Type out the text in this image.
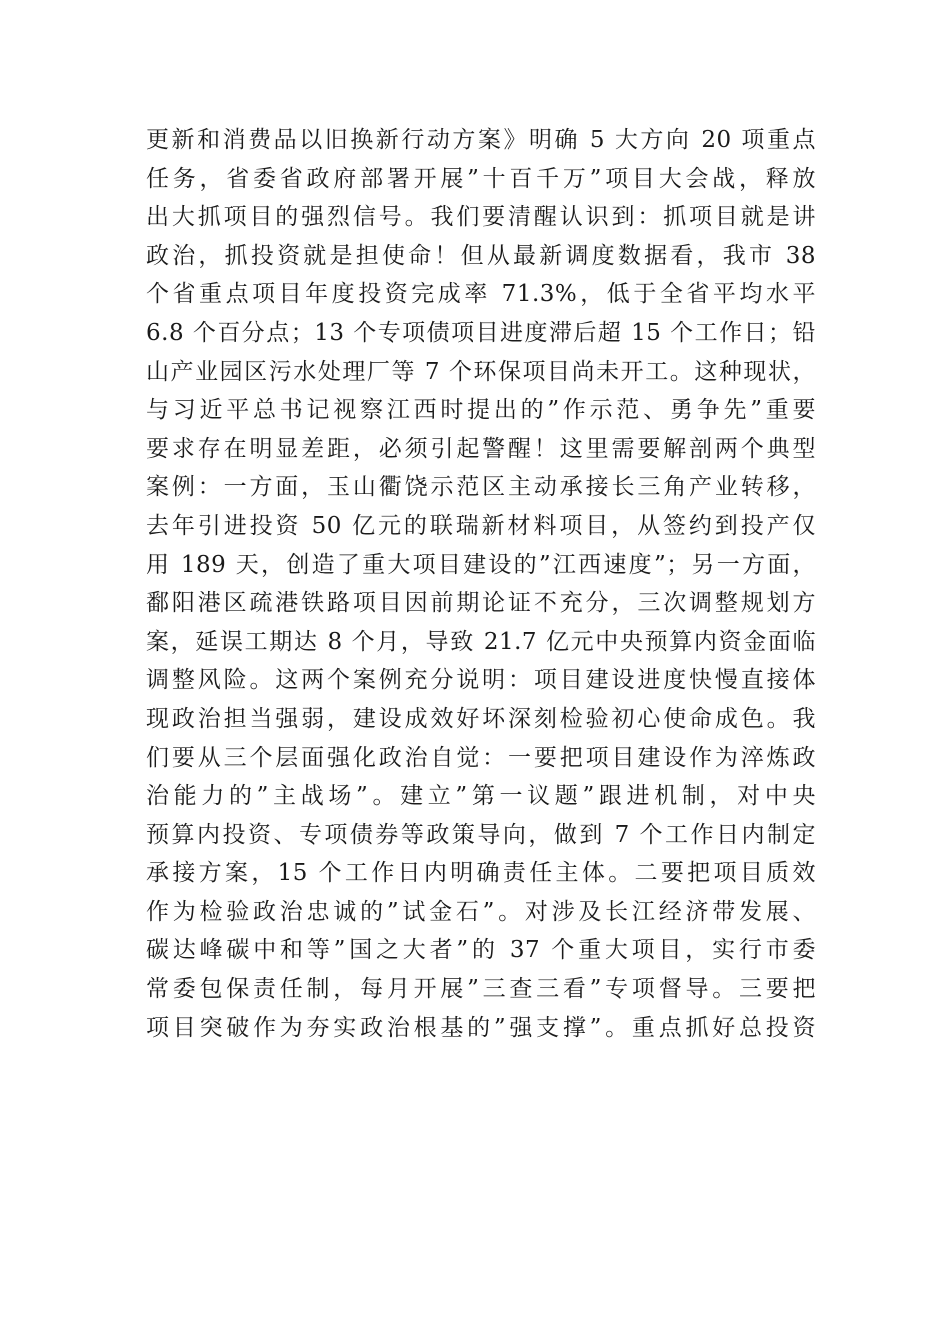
更新和消费品以旧换新行动方案》明确 5 大方向 20 项重点
任务，省委省政府部署开展”十百千万”项目大会战，释放
出大抓项目的强烈信号。我们要清醒认识到：抓项目就是讲
政治，抓投资就是担使命！但从最新调度数据看，我市 38
个省重点项目年度投资完成率 71.3%，低于全省平均水平
6.8 个百分点；13 个专项债项目进度滞后超 15 个工作日；铅
山产业园区污水处理厂等 7 个环保项目尚未开工。这种现状，
与习近平总书记视察江西时提出的”作示范、勇争先”重要
要求存在明显差距，必须引起警醒！这里需要解剖两个典型
案例：一方面，玉山衢饶示范区主动承接长三角产业转移，
去年引进投资 50 亿元的联瑞新材料项目，从签约到投产仅
用 189 天，创造了重大项目建设的”江西速度”；另一方面，
鄱阳港区疏港铁路项目因前期论证不充分，三次调整规划方
案，延误工期达 8 个月，导致 21.7 亿元中央预算内资金面临
调整风险。这两个案例充分说明：项目建设进度快慢直接体
现政治担当强弱，建设成效好坏深刻检验初心使命成色。我
们要从三个层面强化政治自觉：一要把项目建设作为淬炼政
治能力的”主战场”。建立”第一议题”跟进机制，对中央
预算内投资、专项债券等政策导向，做到 7 个工作日内制定
承接方案，15 个工作日内明确责任主体。二要把项目质效
作为检验政治忠诚的”试金石”。对涉及长江经济带发展、
碳达峰碳中和等”国之大者”的 37 个重大项目，实行市委
常委包保责任制，每月开展”三查三看”专项督导。三要把
项目突破作为夯实政治根基的”强支撑”。重点抓好总投资
